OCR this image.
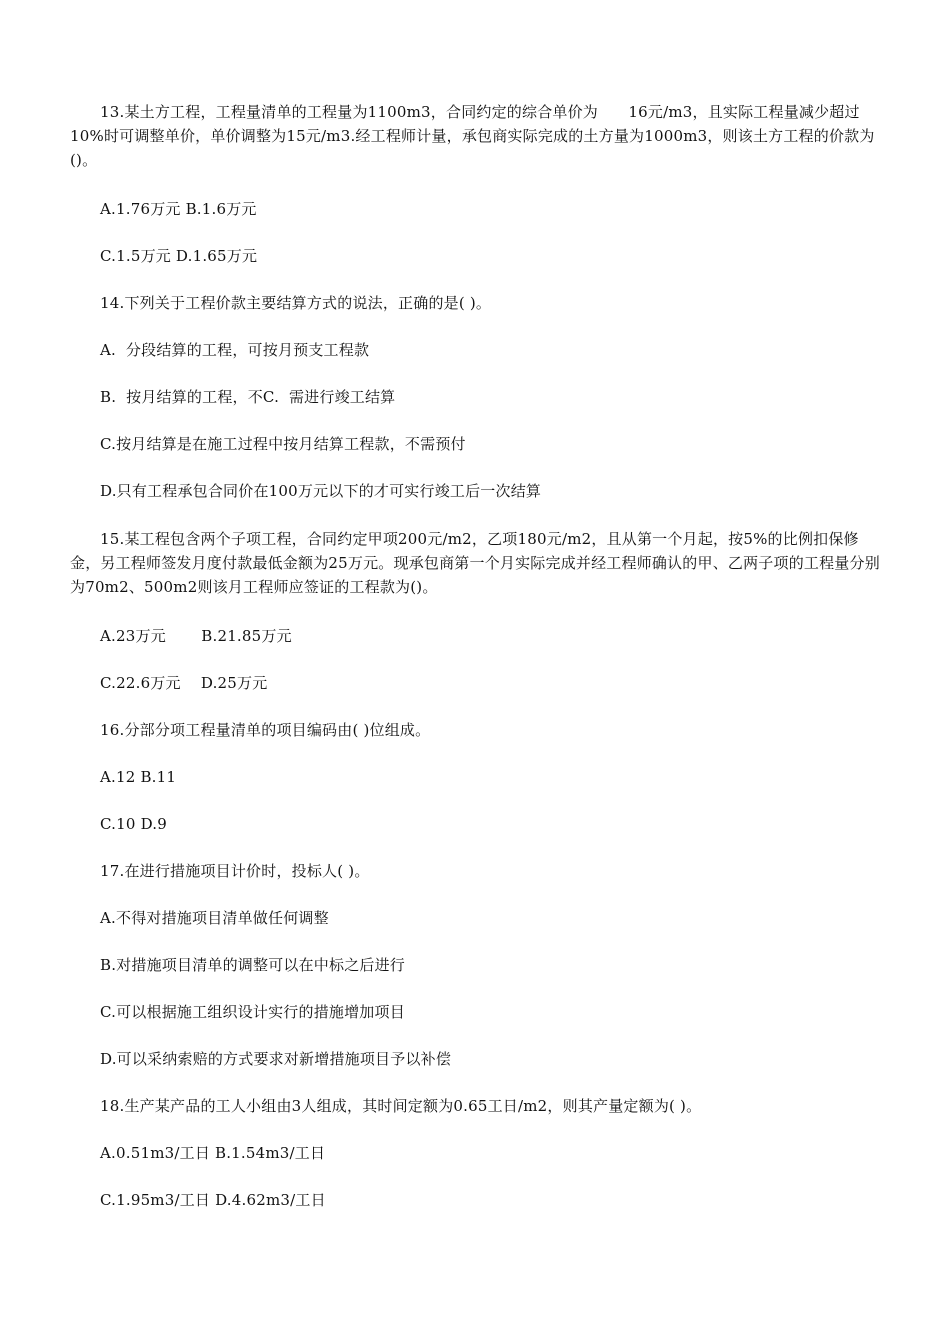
13.某土方工程，工程量清单的工程量为1100m3，合同约定的综合单价为　　16元/m3，且实际工程量减少超过10%时可调整单价，单价调整为15元/m3.经工程师计量，承包商实际完成的土方量为1000m3，则该土方工程的价款为()。
A.1.76万元 B.1.6万元
C.1.5万元 D.1.65万元
14.下列关于工程价款主要结算方式的说法，正确的是( )。
A.  分段结算的工程，可按月预支工程款
B.  按月结算的工程，不C.  需进行竣工结算
C.按月结算是在施工过程中按月结算工程款，不需预付
D.只有工程承包合同价在100万元以下的才可实行竣工后一次结算
15.某工程包含两个子项工程，合同约定甲项200元/m2，乙项180元/m2，且从第一个月起，按5%的比例扣保修金，另工程师签发月度付款最低金额为25万元。现承包商第一个月实际完成并经工程师确认的甲、乙两子项的工程量分别为70m2、500m2则该月工程师应签证的工程款为()。
A.23万元　　 B.21.85万元
C.22.6万元　 D.25万元
16.分部分项工程量清单的项目编码由( )位组成。
A.12 B.11
C.10 D.9
17.在进行措施项目计价时，投标人( )。
A.不得对措施项目清单做任何调整
B.对措施项目清单的调整可以在中标之后进行
C.可以根据施工组织设计实行的措施增加项目
D.可以采纳索赔的方式要求对新增措施项目予以补偿
18.生产某产品的工人小组由3人组成，其时间定额为0.65工日/m2，则其产量定额为( )。
A.0.51m3/工日 B.1.54m3/工日
C.1.95m3/工日 D.4.62m3/工日
